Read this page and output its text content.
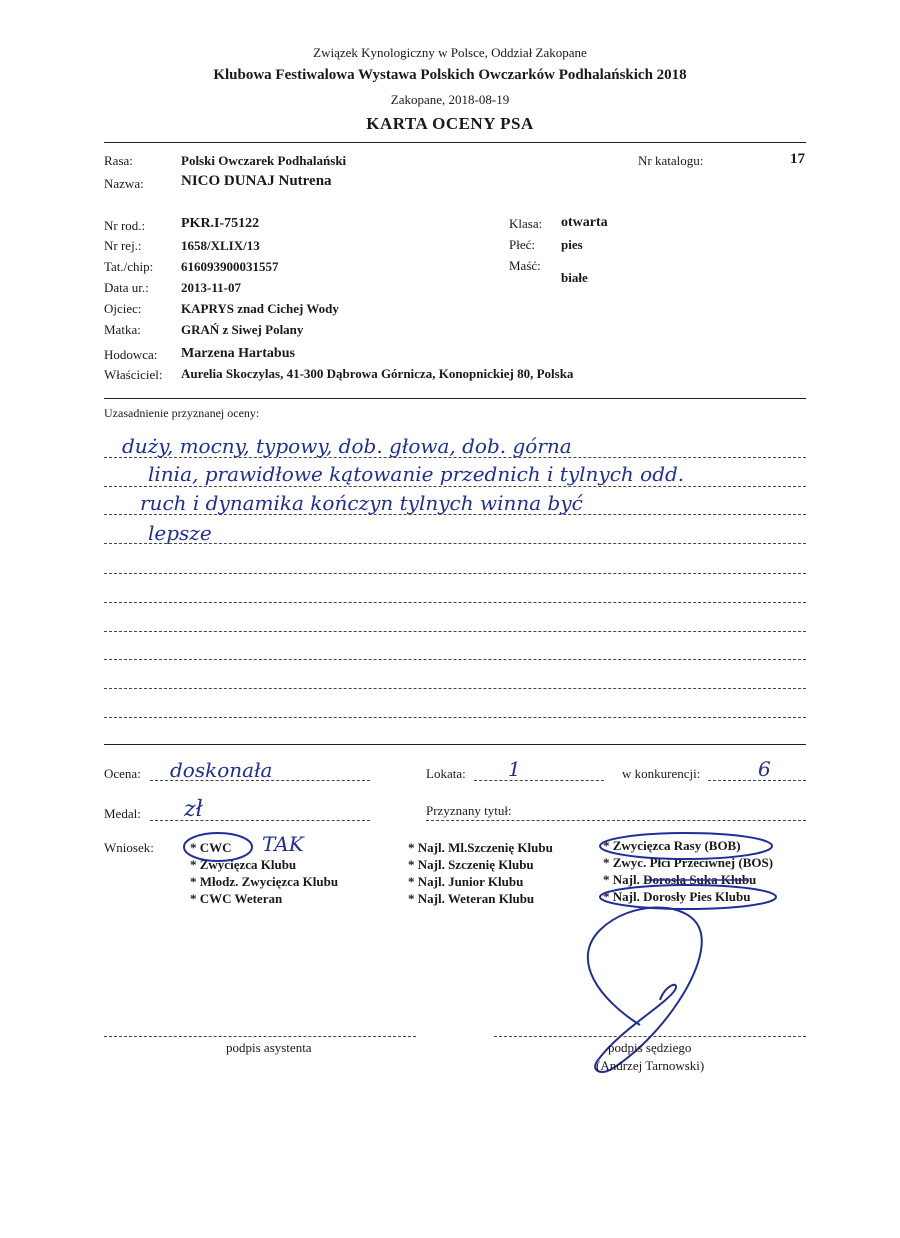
Związek Kynologiczny w Polsce, Oddział Zakopane
Klubowa Festiwalowa Wystawa Polskich Owczarków Podhalańskich 2018
Zakopane, 2018-08-19
KARTA OCENY PSA
Rasa:	Polski Owczarek Podhalański	Nr katalogu:	17
Nazwa: NICO DUNAJ Nutrena
Nr rod.:	PKR.I-75122
Nr rej.:	1658/XLIX/13
Tat./chip: 616093900031557
Data ur.: 2013-11-07
Ojciec:	KAPRYS znad Cichej Wody
Matka:	GRAŃ z Siwej Polany
Klasa: otwarta
Płeć: pies
Maść:
białe
Hodowca: Marzena Hartabus
Właściciel: Aurelia Skoczylas, 41-300 Dąbrowa Górnicza, Konopnickiej 80, Polska
Uzasadnienie przyznanej oceny:
duży, mocny, typowy, dob. głowa, dob. górna
linia, prawidłowe kątowanie przednich i tylnych odd.
ruch i dynamika kończyn tylnych winna być
lepsze
Ocena: doskonała	Lokata: 1	w konkurencji:	6
Medal: zł	Przyznany tytuł:
Wniosek:	* CWC
* Zwycięzca Klubu
* Młodz. Zwycięzca Klubu
* CWC Weteran
TAK	* Najl. Ml.Szczenię Klubu
* Najl. Szczenię Klubu
* Najl. Junior Klubu
* Najl. Weteran Klubu
* Zwycięzca Rasy (BOB)
* Zwyc. Płci Przeciwnej (BOS)
* Najl. Dorosła Suka Klubu
* Najl. Dorosły Pies Klubu
podpis asystenta	podpis sędziego
(Andrzej Tarnowski)
